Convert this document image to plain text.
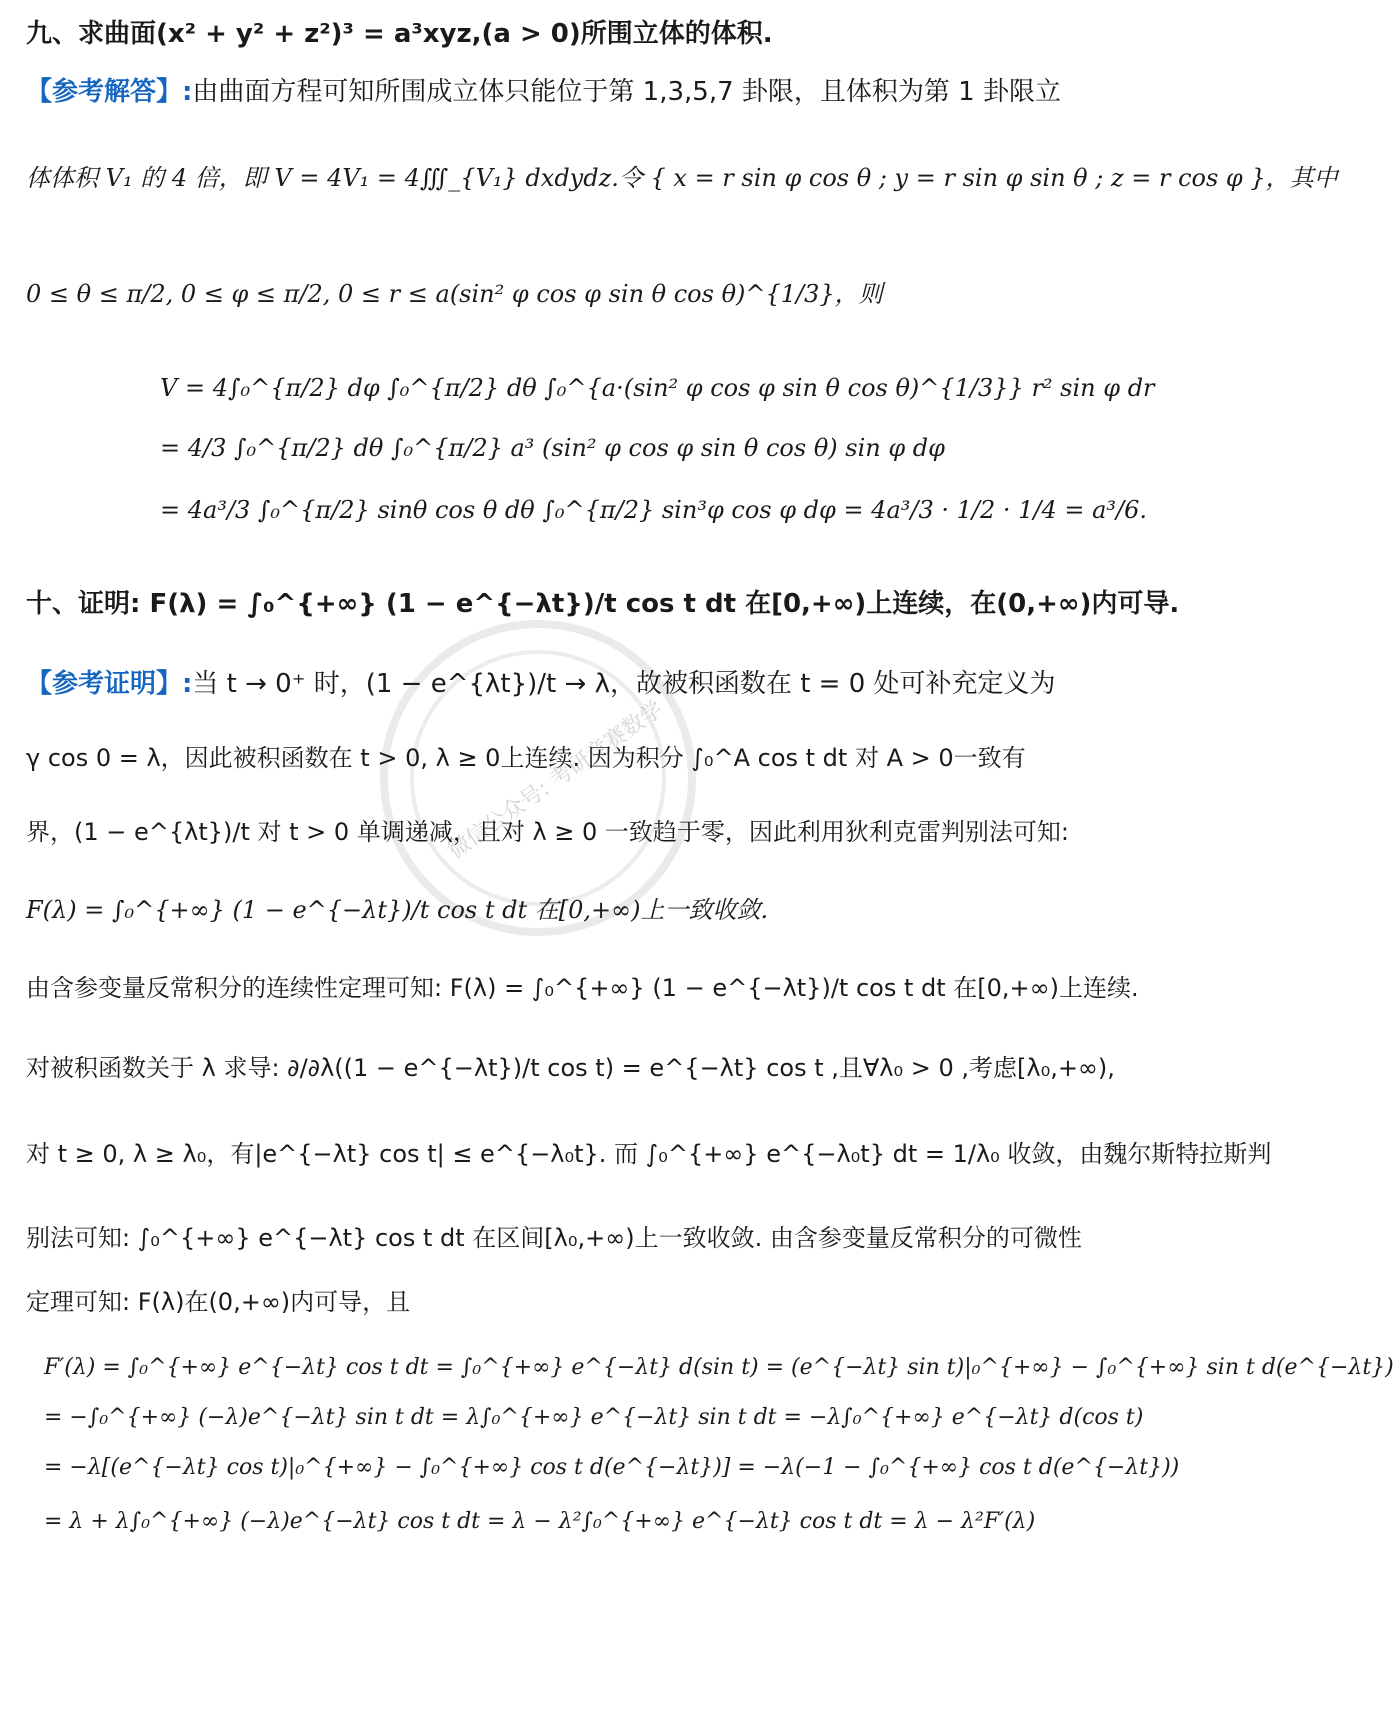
微信公众号: 考研竞赛数学
九、求曲面(x² + y² + z²)³ = a³xyz,(a > 0)所围立体的体积.
【参考解答】:由曲面方程可知所围成立体只能位于第 1,3,5,7 卦限，且体积为第 1 卦限立
体体积 V₁ 的 4 倍，即 V = 4V₁ = 4∭_{V₁} dxdydz.令 { x = r sin φ cos θ ; y = r sin φ sin θ ; z = r cos φ }，其中
0 ≤ θ ≤ π/2, 0 ≤ φ ≤ π/2, 0 ≤ r ≤ a(sin² φ cos φ sin θ cos θ)^{1/3}，则
V = 4∫₀^{π/2} dφ ∫₀^{π/2} dθ ∫₀^{a·(sin² φ cos φ sin θ cos θ)^{1/3}} r² sin φ dr
= 4/3 ∫₀^{π/2} dθ ∫₀^{π/2} a³ (sin² φ cos φ sin θ cos θ) sin φ dφ
= 4a³/3 ∫₀^{π/2} sinθ cos θ dθ ∫₀^{π/2} sin³φ cos φ dφ = 4a³/3 · 1/2 · 1/4 = a³/6.
十、证明: F(λ) = ∫₀^{+∞} (1 − e^{−λt})/t cos t dt 在[0,+∞)上连续，在(0,+∞)内可导.
【参考证明】:当 t → 0⁺ 时，(1 − e^{λt})/t → λ，故被积函数在 t = 0 处可补充定义为
γ cos 0 = λ，因此被积函数在 t > 0, λ ≥ 0上连续. 因为积分 ∫₀^A cos t dt 对 A > 0一致有
界，(1 − e^{λt})/t 对 t > 0 单调递减，且对 λ ≥ 0 一致趋于零，因此利用狄利克雷判别法可知:
F(λ) = ∫₀^{+∞} (1 − e^{−λt})/t cos t dt 在[0,+∞)上一致收敛.
由含参变量反常积分的连续性定理可知: F(λ) = ∫₀^{+∞} (1 − e^{−λt})/t cos t dt 在[0,+∞)上连续.
对被积函数关于 λ 求导: ∂/∂λ((1 − e^{−λt})/t cos t) = e^{−λt} cos t ,且∀λ₀ > 0 ,考虑[λ₀,+∞),
对 t ≥ 0, λ ≥ λ₀，有|e^{−λt} cos t| ≤ e^{−λ₀t}. 而 ∫₀^{+∞} e^{−λ₀t} dt = 1/λ₀ 收敛，由魏尔斯特拉斯判
别法可知: ∫₀^{+∞} e^{−λt} cos t dt 在区间[λ₀,+∞)上一致收敛. 由含参变量反常积分的可微性
定理可知: F(λ)在(0,+∞)内可导，且
F′(λ) = ∫₀^{+∞} e^{−λt} cos t dt = ∫₀^{+∞} e^{−λt} d(sin t) = (e^{−λt} sin t)|₀^{+∞} − ∫₀^{+∞} sin t d(e^{−λt})
= −∫₀^{+∞} (−λ)e^{−λt} sin t dt = λ∫₀^{+∞} e^{−λt} sin t dt = −λ∫₀^{+∞} e^{−λt} d(cos t)
= −λ[(e^{−λt} cos t)|₀^{+∞} − ∫₀^{+∞} cos t d(e^{−λt})] = −λ(−1 − ∫₀^{+∞} cos t d(e^{−λt}))
= λ + λ∫₀^{+∞} (−λ)e^{−λt} cos t dt = λ − λ²∫₀^{+∞} e^{−λt} cos t dt = λ − λ²F′(λ)
